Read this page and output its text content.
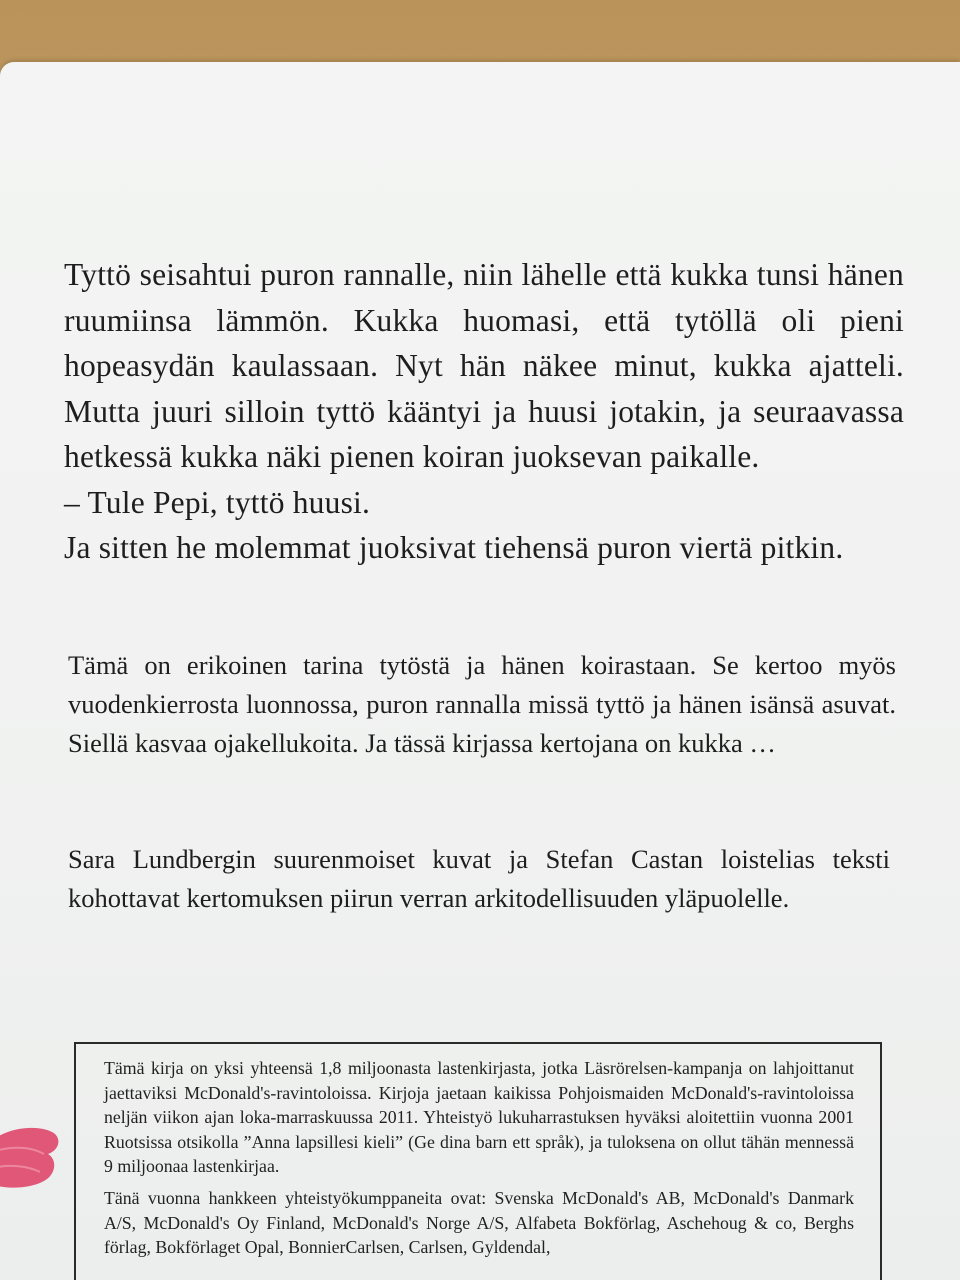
Tyttö seisahtui puron rannalle, niin lähelle että kukka tunsi hänen ruumiinsa lämmön. Kukka huomasi, että tytöllä oli pieni hopeasydän kaulassaan. Nyt hän näkee minut, kukka ajatteli. Mutta juuri silloin tyttö kääntyi ja huusi jotakin, ja seuraavassa hetkessä kukka näki pienen koiran juoksevan paikalle.

– Tule Pepi, tyttö huusi.

Ja sitten he molemmat juoksivat tiehensä puron viertä pitkin.

Tämä on erikoinen tarina tytöstä ja hänen koirastaan. Se kertoo myös vuodenkierrosta luonnossa, puron rannalla missä tyttö ja hänen isänsä asuvat. Siellä kasvaa ojakellukoita. Ja tässä kirjassa kertojana on kukka …

Sara Lundbergin suurenmoiset kuvat ja Stefan Castan loistelias teksti kohottavat kertomuksen piirun verran arkitodellisuuden yläpuolelle.

Tämä kirja on yksi yhteensä 1,8 miljoonasta lastenkirjasta, jotka Läsrörelsen-kampanja on lahjoittanut jaettaviksi McDonald's-ravintoloissa. Kirjoja jaetaan kaikissa Pohjoismaiden McDonald's-ravintoloissa neljän viikon ajan loka-marraskuussa 2011. Yhteistyö lukuharrastuksen hyväksi aloitettiin vuonna 2001 Ruotsissa otsikolla ”Anna lapsillesi kieli” (Ge dina barn ett språk), ja tuloksena on ollut tähän mennessä 9 miljoonaa lastenkirjaa.

Tänä vuonna hankkeen yhteistyökumppaneita ovat: Svenska McDonald's AB, McDonald's Danmark A/S, McDonald's Oy Finland, McDonald's Norge A/S, Alfabeta Bokförlag, Aschehoug & co, Berghs förlag, Bokförlaget Opal, BonnierCarlsen, Carlsen, Gyldendal,
